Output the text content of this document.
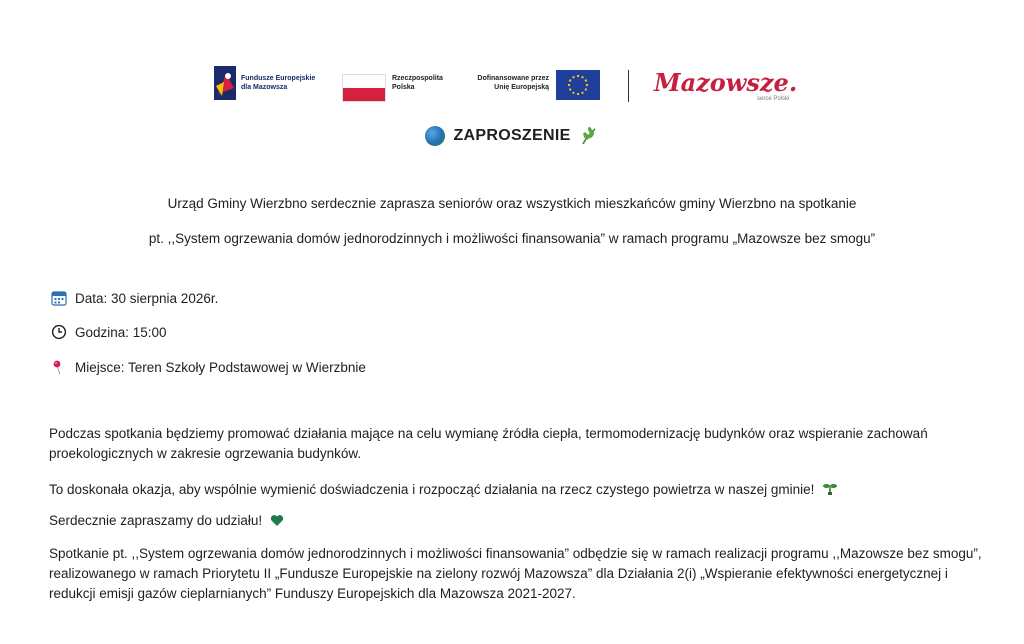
Fundusze Europejskie
dla Mazowsza
Rzeczpospolita
Polska
Dofinansowane przez
Unię Europejską	Mazowsze.
serce Polski
ZAPROSZENIE
Urząd Gminy Wierzbno serdecznie zaprasza seniorów oraz wszystkich mieszkańców gminy Wierzbno na spotkanie
pt. ,,System ogrzewania domów jednorodzinnych i możliwości finansowania” w ramach programu „Mazowsze bez smogu”
Data: 30 sierpnia 2026r.
Godzina: 15:00
Miejsce: Teren Szkoły Podstawowej w Wierzbnie
Podczas spotkania będziemy promować działania mające na celu wymianę źródła ciepła, termomodernizację budynków oraz wspieranie zachowań proekologicznych w zakresie ogrzewania budynków.
To doskonała okazja, aby wspólnie wymienić doświadczenia i rozpocząć działania na rzecz czystego powietrza w naszej gminie!
Serdecznie zapraszamy do udziału!
Spotkanie pt. ,,System ogrzewania domów jednorodzinnych i możliwości finansowania” odbędzie się w ramach realizacji programu ,,Mazowsze bez smogu”, realizowanego w ramach Priorytetu II „Fundusze Europejskie na zielony rozwój Mazowsza” dla Działania 2(i) „Wspieranie efektywności energetycznej i redukcji emisji gazów cieplarnianych” Funduszy Europejskich dla Mazowsza 2021-2027.
